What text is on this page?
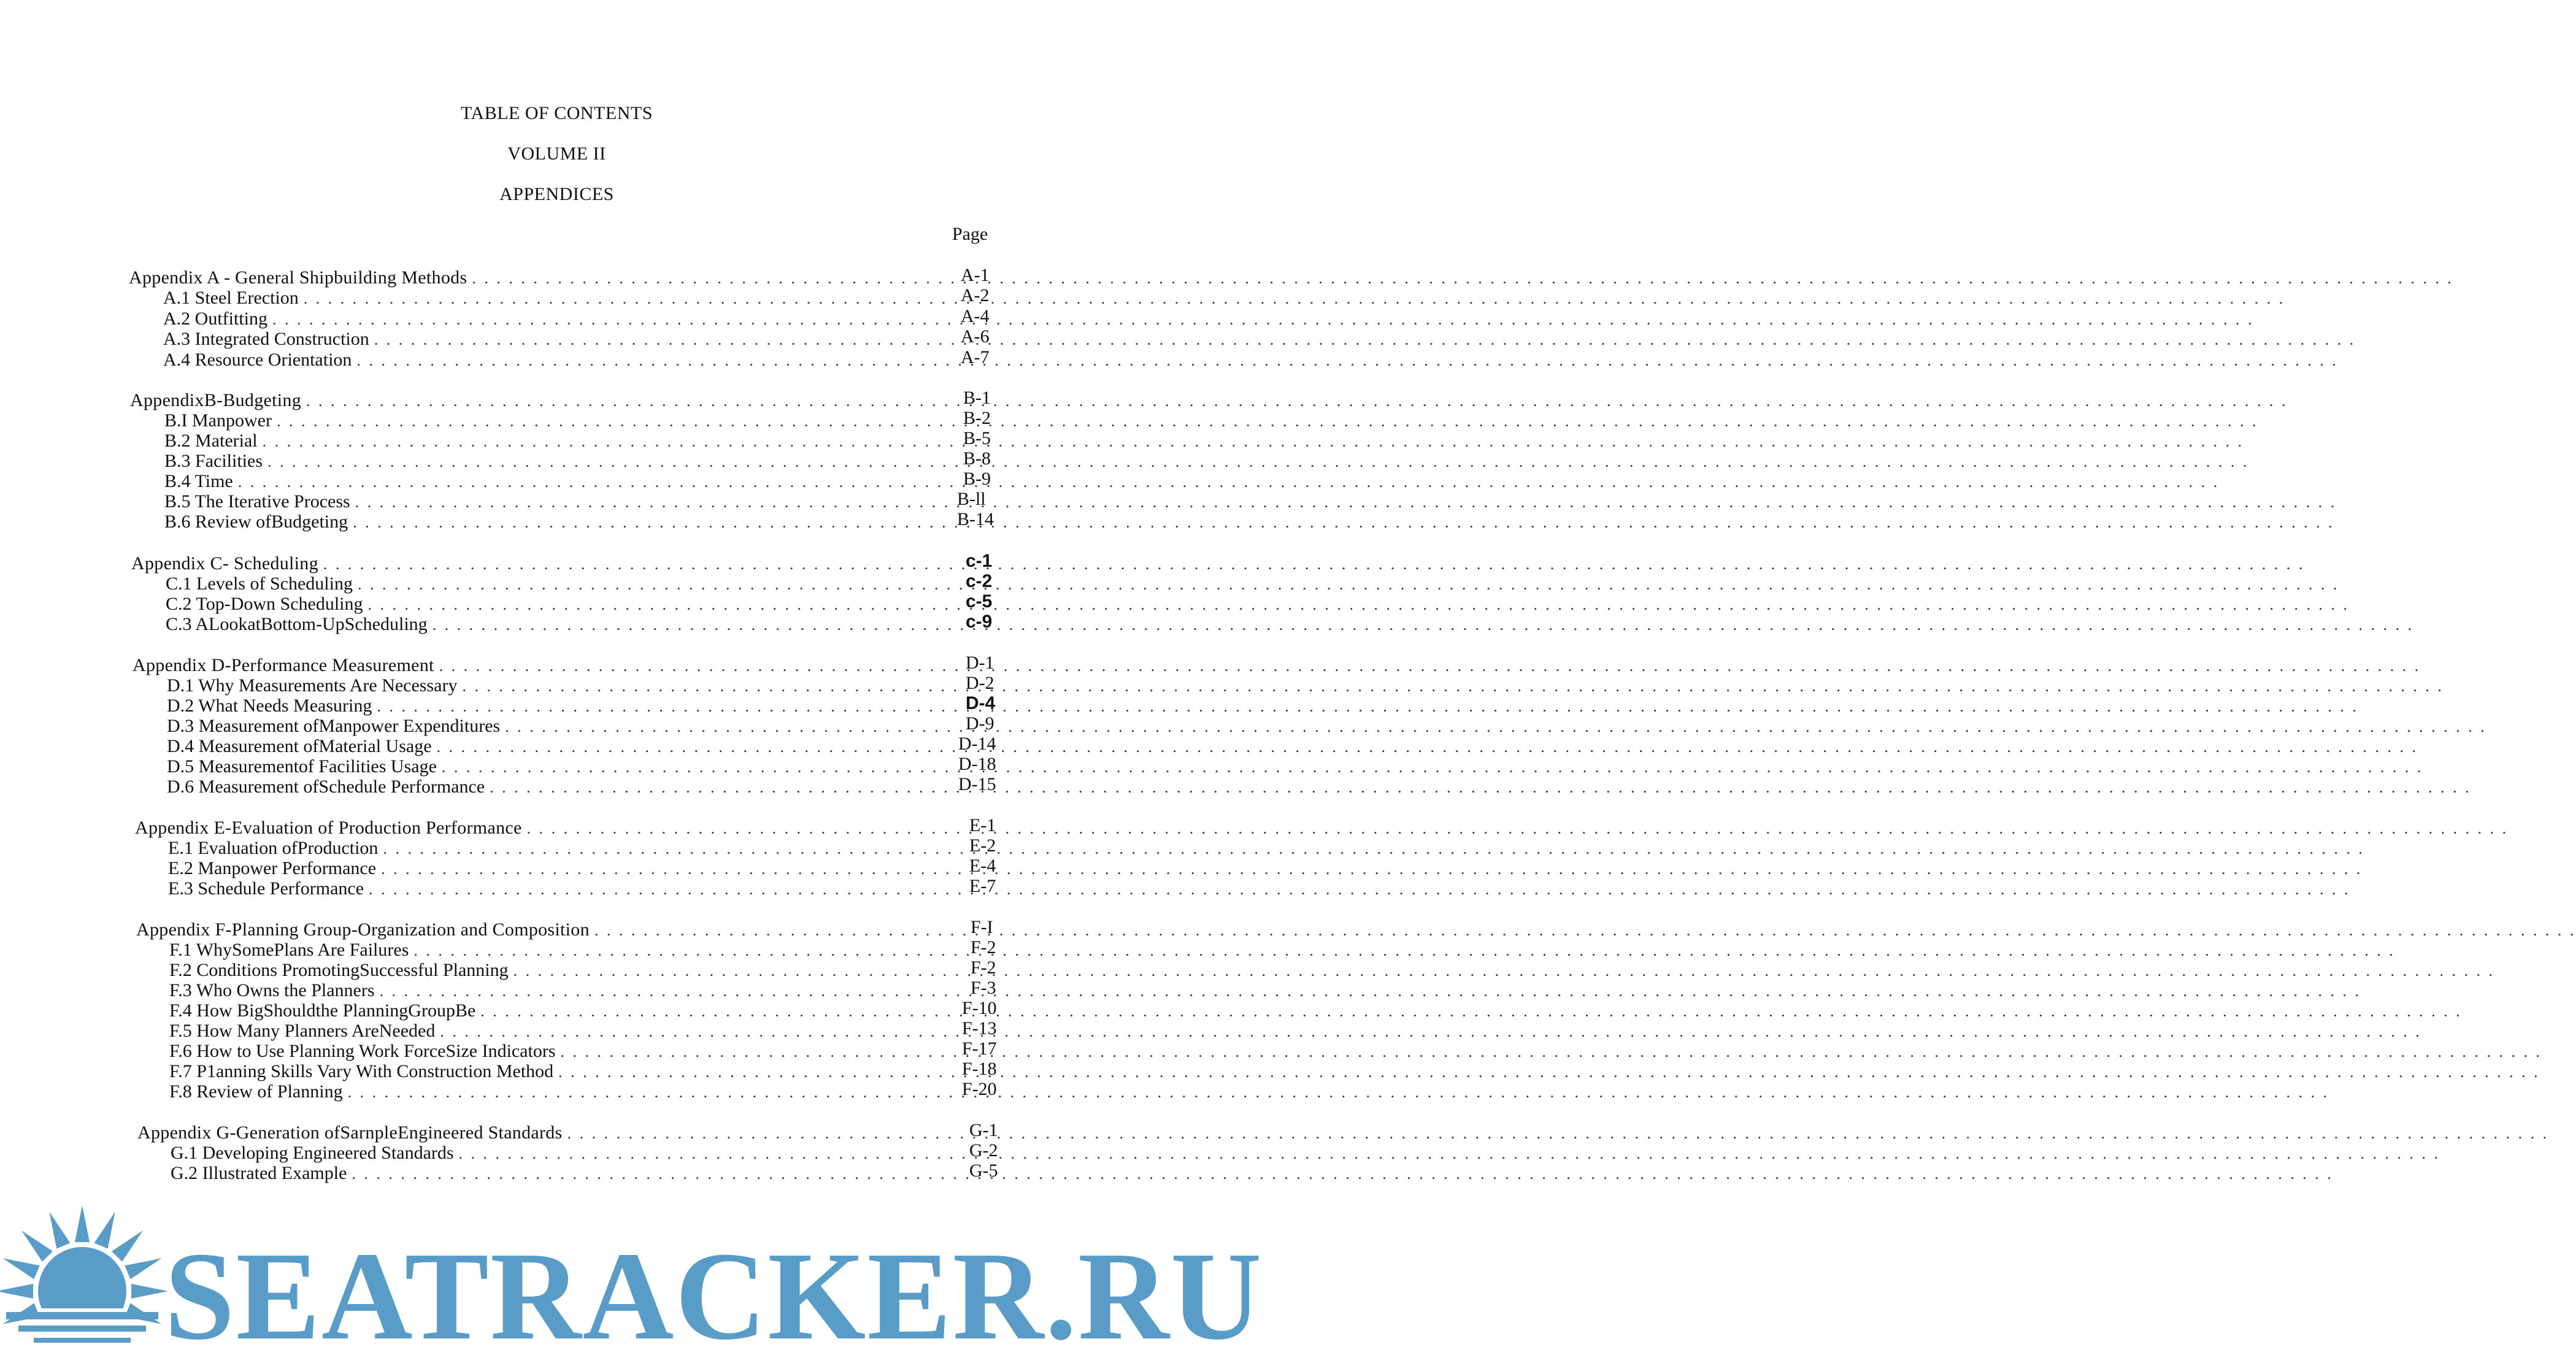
TABLE OF CONTENTS
VOLUME II
APPENDICES
Page
Appendix A - General Shipbuilding Methods . . .	A-1
A.1 Steel Erection . . .	A-2
A.2 Outfitting . . .	A-4
A.3 Integrated Construction . . .	A-6
A.4 Resource Orientation . . .	A-7
AppendixB-Budgeting . . .	B-1
B.I Manpower . . .	B-2
B.2 Material . . .	B-5
B.3 Facilities . . .	B-8
B.4 Time . . .	B-9
B.5 The Iterative Process . . .	B-ll
B.6 Review ofBudgeting . . .	B-14
Appendix C- Scheduling . . .	c-1
C.1 Levels of Scheduling . . .	c-2
C.2 Top-Down Scheduling . . .	c-5
C.3 ALookatBottom-UpScheduling . . .	c-9
Appendix D-Performance Measurement . . .	D-1
D.1 Why Measurements Are Necessary . . .	D-2
D.2 What Needs Measuring . . .	D-4
D.3 Measurement ofManpower Expenditures . . .	D-9
D.4 Measurement ofMaterial Usage . . .	D-14
D.5 Measurementof Facilities Usage . . .	D-18
D.6 Measurement ofSchedule Performance . . .	D-15
Appendix E-Evaluation of Production Performance . . .	E-1
E.1 Evaluation ofProduction . . .	E-2
E.2 Manpower Performance . . .	E-4
E.3 Schedule Performance . . .	E-7
Appendix F-Planning Group-Organization and Composition . . .	F-I
F.1 WhySomePlans Are Failures . . .	F-2
F.2 Conditions PromotingSuccessful Planning . . .	F-2
F.3 Who Owns the Planners . . .	F-3
F.4 How BigShouldthe PlanningGroupBe . . .	F-10
F.5 How Many Planners AreNeeded . . .	F-13
F.6 How to Use Planning Work ForceSize Indicators . . .	F-17
F.7 P1anning Skills Vary With Construction Method . . .	F-18
F.8 Review of Planning . . .	F-20
Appendix G-Generation ofSarnpleEngineered Standards . . .	G-1
G.1 Developing Engineered Standards . . .	G-2
G.2 Illustrated Example . . .	G-5
SEATRACKER.RU
